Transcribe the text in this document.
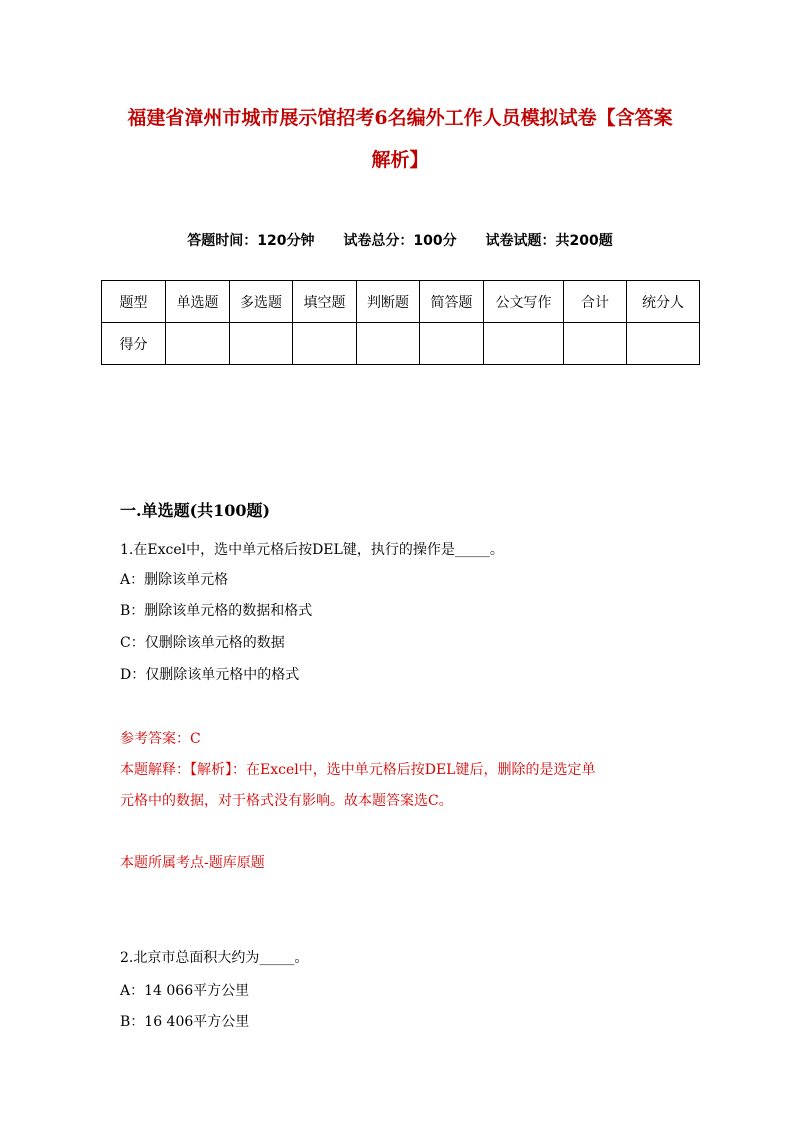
福建省漳州市城市展示馆招考6名编外工作人员模拟试卷【含答案
解析】
答题时间：120分钟 试卷总分：100分 试卷试题：共200题
题型	单选题	多选题	填空题	判断题	简答题	公文写作	合计	统分人
得分								
一.单选题(共100题)
1.在Excel中，选中单元格后按DEL键，执行的操作是_____。
A：删除该单元格
B：删除该单元格的数据和格式
C：仅删除该单元格的数据
D：仅删除该单元格中的格式
参考答案：C
本题解释：【解析】：在Excel中，选中单元格后按DEL键后，删除的是选定单
元格中的数据，对于格式没有影响。故本题答案选C。
本题所属考点-题库原题
2.北京市总面积大约为_____。
A：14 066平方公里
B：16 406平方公里
